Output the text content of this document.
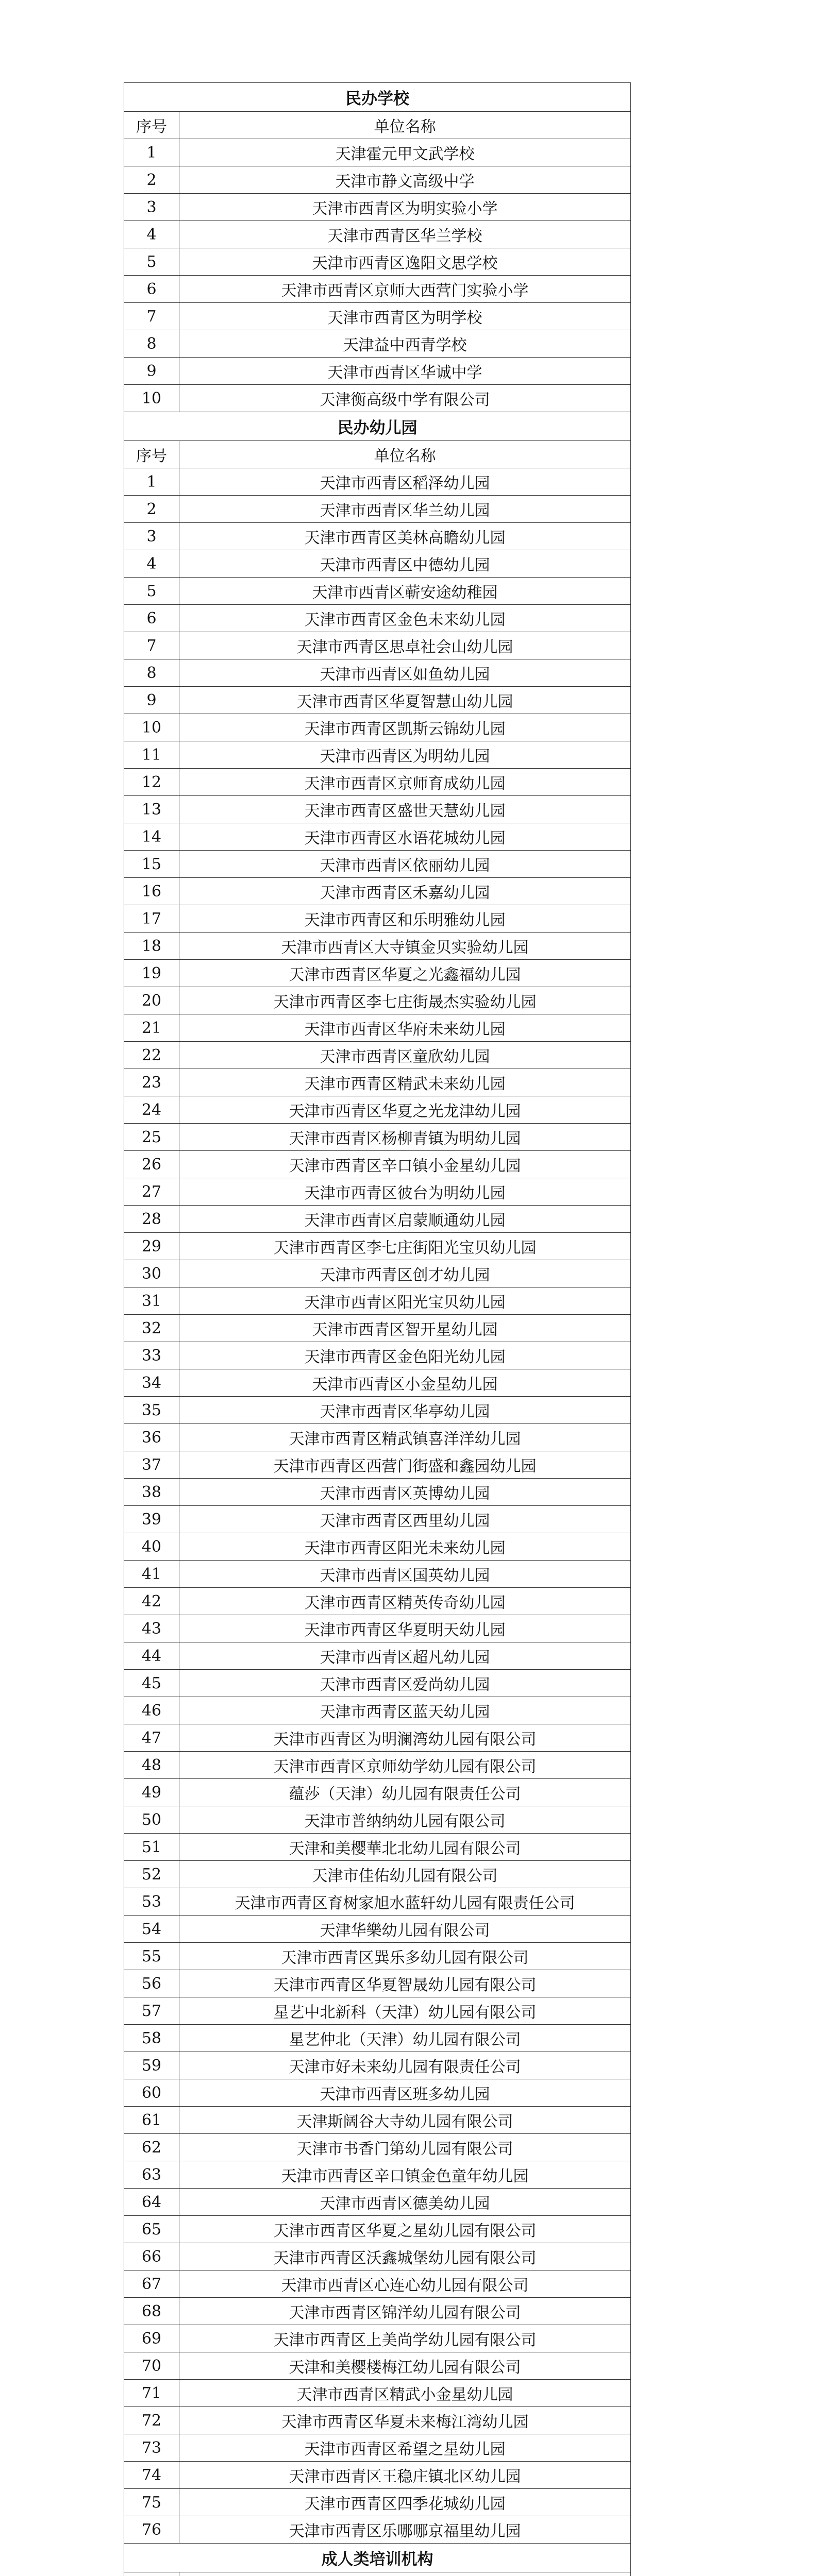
民办学校	
序号	单位名称
1	天津霍元甲文武学校
2	天津市静文高级中学
3	天津市西青区为明实验小学
4	天津市西青区华兰学校
5	天津市西青区逸阳文思学校
6	天津市西青区京师大西营门实验小学
7	天津市西青区为明学校
8	天津益中西青学校
9	天津市西青区华诚中学
10	天津衡高级中学有限公司
民办幼儿园	
序号	单位名称
1	天津市西青区稻泽幼儿园
2	天津市西青区华兰幼儿园
3	天津市西青区美林高瞻幼儿园
4	天津市西青区中德幼儿园
5	天津市西青区蕲安途幼稚园
6	天津市西青区金色未来幼儿园
7	天津市西青区思卓社会山幼儿园
8	天津市西青区如鱼幼儿园
9	天津市西青区华夏智慧山幼儿园
10	天津市西青区凯斯云锦幼儿园
11	天津市西青区为明幼儿园
12	天津市西青区京师育成幼儿园
13	天津市西青区盛世天慧幼儿园
14	天津市西青区水语花城幼儿园
15	天津市西青区依丽幼儿园
16	天津市西青区禾嘉幼儿园
17	天津市西青区和乐明雅幼儿园
18	天津市西青区大寺镇金贝实验幼儿园
19	天津市西青区华夏之光鑫福幼儿园
20	天津市西青区李七庄街晟杰实验幼儿园
21	天津市西青区华府未来幼儿园
22	天津市西青区童欣幼儿园
23	天津市西青区精武未来幼儿园
24	天津市西青区华夏之光龙津幼儿园
25	天津市西青区杨柳青镇为明幼儿园
26	天津市西青区辛口镇小金星幼儿园
27	天津市西青区彼台为明幼儿园
28	天津市西青区启蒙顺通幼儿园
29	天津市西青区李七庄街阳光宝贝幼儿园
30	天津市西青区创才幼儿园
31	天津市西青区阳光宝贝幼儿园
32	天津市西青区智开星幼儿园
33	天津市西青区金色阳光幼儿园
34	天津市西青区小金星幼儿园
35	天津市西青区华亭幼儿园
36	天津市西青区精武镇喜洋洋幼儿园
37	天津市西青区西营门街盛和鑫园幼儿园
38	天津市西青区英博幼儿园
39	天津市西青区西里幼儿园
40	天津市西青区阳光未来幼儿园
41	天津市西青区国英幼儿园
42	天津市西青区精英传奇幼儿园
43	天津市西青区华夏明天幼儿园
44	天津市西青区超凡幼儿园
45	天津市西青区爱尚幼儿园
46	天津市西青区蓝天幼儿园
47	天津市西青区为明澜湾幼儿园有限公司
48	天津市西青区京师幼学幼儿园有限公司
49	蕴莎（天津）幼儿园有限责任公司
50	天津市普纳纳幼儿园有限公司
51	天津和美樱華北北幼儿园有限公司
52	天津市佳佑幼儿园有限公司
53	天津市西青区育树家旭水蓝轩幼儿园有限责任公司
54	天津华樂幼儿园有限公司
55	天津市西青区巽乐多幼儿园有限公司
56	天津市西青区华夏智晟幼儿园有限公司
57	星艺中北新科（天津）幼儿园有限公司
58	星艺仲北（天津）幼儿园有限公司
59	天津市好未来幼儿园有限责任公司
60	天津市西青区班多幼儿园
61	天津斯阔谷大寺幼儿园有限公司
62	天津市书香门第幼儿园有限公司
63	天津市西青区辛口镇金色童年幼儿园
64	天津市西青区德美幼儿园
65	天津市西青区华夏之星幼儿园有限公司
66	天津市西青区沃鑫城堡幼儿园有限公司
67	天津市西青区心连心幼儿园有限公司
68	天津市西青区锦洋幼儿园有限公司
69	天津市西青区上美尚学幼儿园有限公司
70	天津和美樱楼梅江幼儿园有限公司
71	天津市西青区精武小金星幼儿园
72	天津市西青区华夏未来梅江湾幼儿园
73	天津市西青区希望之星幼儿园
74	天津市西青区王稳庄镇北区幼儿园
75	天津市西青区四季花城幼儿园
76	天津市西青区乐哪哪京福里幼儿园
成人类培训机构	
